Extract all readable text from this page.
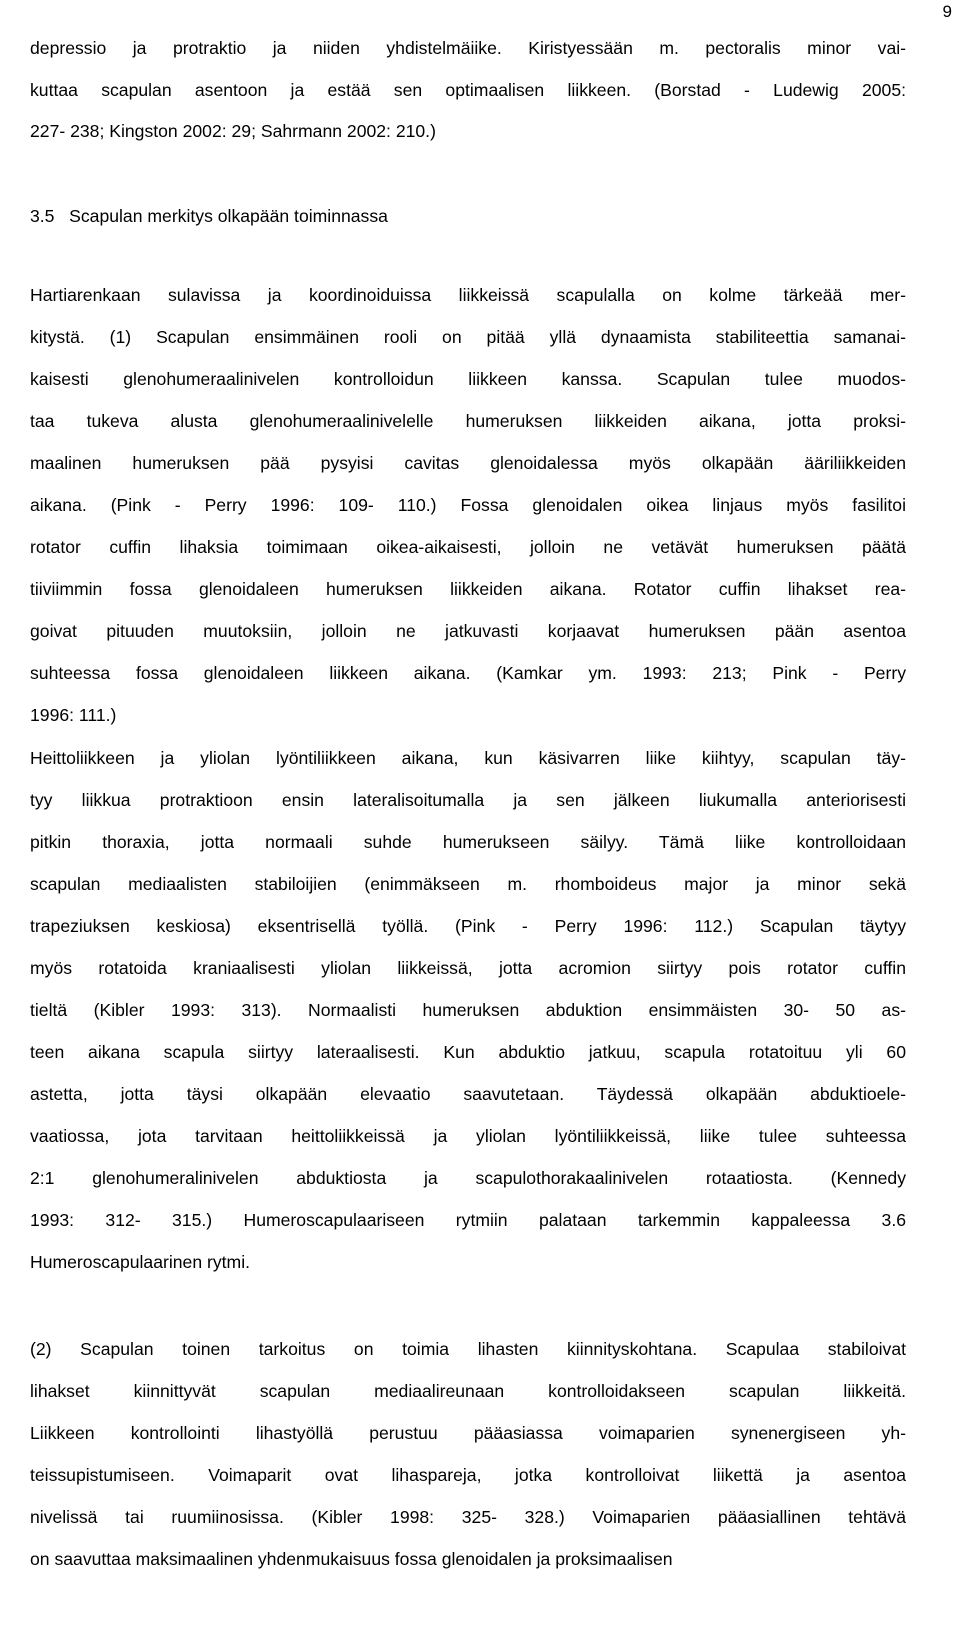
9
depressio ja protraktio ja niiden yhdistelmäiike. Kiristyessään m. pectoralis minor vai-
kuttaa scapulan asentoon ja estää sen optimaalisen liikkeen. (Borstad - Ludewig 2005:
227- 238; Kingston 2002: 29; Sahrmann 2002: 210.)
3.5   Scapulan merkitys olkapään toiminnassa
Hartiarenkaan sulavissa ja koordinoiduissa liikkeissä scapulalla on kolme tärkeää mer-
kitystä. (1) Scapulan ensimmäinen rooli on pitää yllä dynaamista stabiliteettia samanai-
kaisesti glenohumeraalinivelen kontrolloidun liikkeen kanssa. Scapulan tulee muodos-
taa tukeva alusta glenohumeraalinivelelle humeruksen liikkeiden aikana, jotta proksi-
maalinen humeruksen pää pysyisi cavitas glenoidalessa myös olkapään ääriliikkeiden
aikana. (Pink - Perry 1996: 109- 110.) Fossa glenoidalen oikea linjaus myös fasilitoi
rotator cuffin lihaksia toimimaan oikea-aikaisesti, jolloin ne vetävät humeruksen päätä
tiiviimmin fossa glenoidaleen humeruksen liikkeiden aikana. Rotator cuffin lihakset rea-
goivat pituuden muutoksiin, jolloin ne jatkuvasti korjaavat humeruksen pään asentoa
suhteessa fossa glenoidaleen liikkeen aikana. (Kamkar ym. 1993: 213; Pink - Perry
1996: 111.)
Heittoliikkeen ja yliolan lyöntiliikkeen aikana, kun käsivarren liike kiihtyy, scapulan täy-
tyy liikkua protraktioon ensin lateralisoitumalla ja sen jälkeen liukumalla anteriorisesti
pitkin thoraxia, jotta normaali suhde humerukseen säilyy. Tämä liike kontrolloidaan
scapulan mediaalisten stabiloijien (enimmäkseen m. rhomboideus major ja minor sekä
trapeziuksen keskiosa) eksentrisellä työllä. (Pink - Perry 1996: 112.) Scapulan täytyy
myös rotatoida kraniaalisesti yliolan liikkeissä, jotta acromion siirtyy pois rotator cuffin
tieltä (Kibler 1993: 313). Normaalisti humeruksen abduktion ensimmäisten 30- 50 as-
teen aikana scapula siirtyy lateraalisesti. Kun abduktio jatkuu, scapula rotatoituu yli 60
astetta, jotta täysi olkapään elevaatio saavutetaan. Täydessä olkapään abduktioele-
vaatiossa, jota tarvitaan heittoliikkeissä ja yliolan lyöntiliikkeissä, liike tulee suhteessa
2:1 glenohumeralinivelen abduktiosta ja scapulothorakaalinivelen rotaatiosta. (Kennedy
1993: 312- 315.) Humeroscapulaariseen rytmiin palataan tarkemmin kappaleessa 3.6
Humeroscapulaarinen rytmi.
(2) Scapulan toinen tarkoitus on toimia lihasten kiinnityskohtana. Scapulaa stabiloivat
lihakset kiinnittyvät scapulan mediaalireunaan kontrolloidakseen scapulan liikkeitä.
Liikkeen kontrollointi lihastyöllä perustuu pääasiassa voimaparien synenergiseen yh-
teissupistumiseen. Voimaparit ovat lihaspareja, jotka kontrolloivat liikettä ja asentoa
nivelissä tai ruumiinosissa. (Kibler 1998: 325- 328.) Voimaparien pääasiallinen tehtävä
on saavuttaa maksimaalinen yhdenmukaisuus fossa glenoidalen ja proksimaalisen
